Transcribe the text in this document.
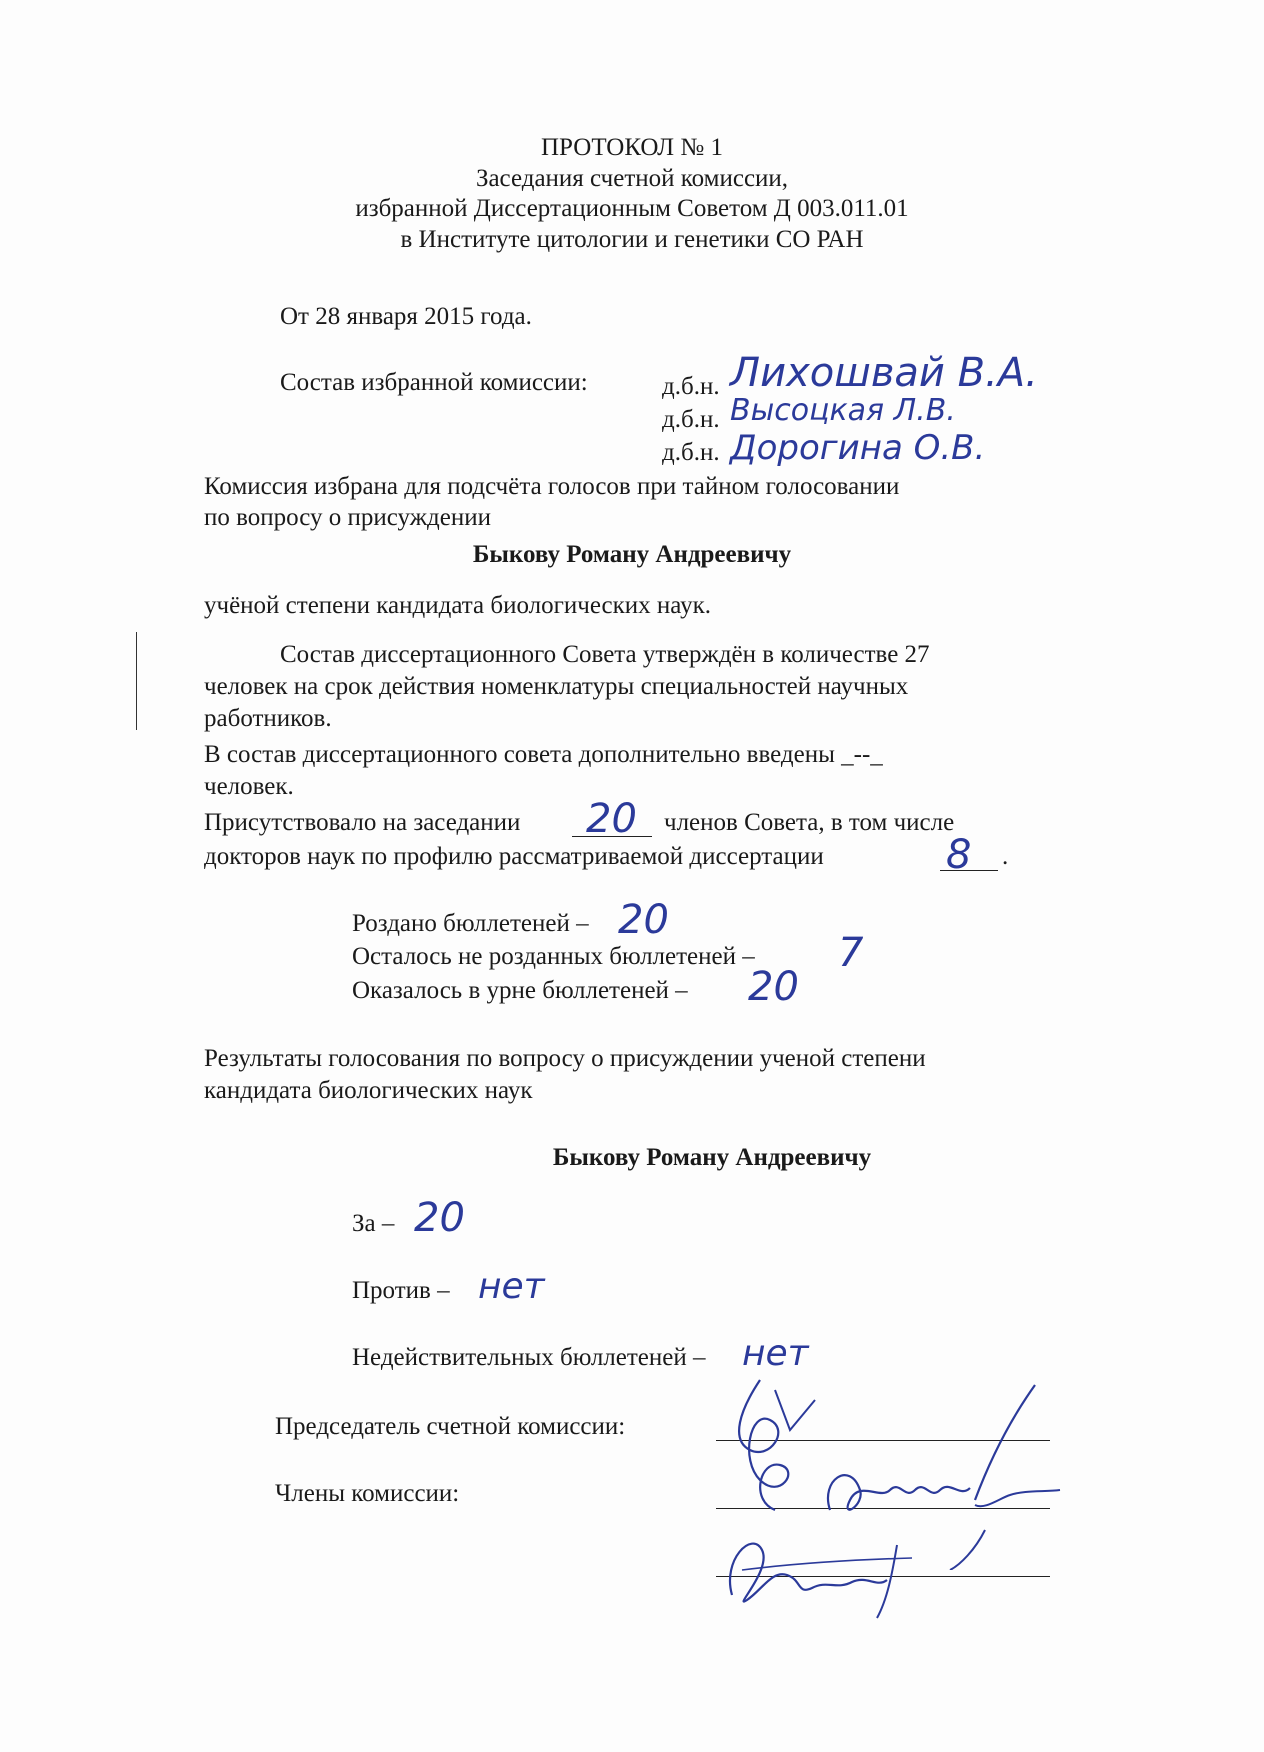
ПРОТОКОЛ № 1
Заседания счетной комиссии,
избранной Диссертационным Советом Д 003.011.01
в Институте цитологии и генетики СО РАН
От 28 января 2015 года.
Состав избранной комиссии:	д.б.н.
д.б.н.
д.б.н.
Лихошвай В.А.
Высоцкая Л.В.
Дорогина О.В.
Комиссия избрана для подсчёта голосов при тайном голосовании
по вопросу о присуждении
Быкову Роману Андреевичу
учёной степени кандидата биологических наук.
Состав диссертационного Совета утверждён в количестве 27
человек на срок действия номенклатуры специальностей научных
работников.
В состав диссертационного совета дополнительно введены _--_
человек.
Присутствовало на заседании 20 членов Совета, в том числе
докторов наук по профилю рассматриваемой диссертации	8 .
Роздано бюллетеней – 20
Осталось не розданных бюллетеней – 7
Оказалось в урне бюллетеней – 20
Результаты голосования по вопросу о присуждении ученой степени
кандидата биологических наук
Быкову Роману Андреевичу
За – 20
Против – нет
Недействительных бюллетеней – нет
Председатель счетной комиссии:
Члены комиссии:
